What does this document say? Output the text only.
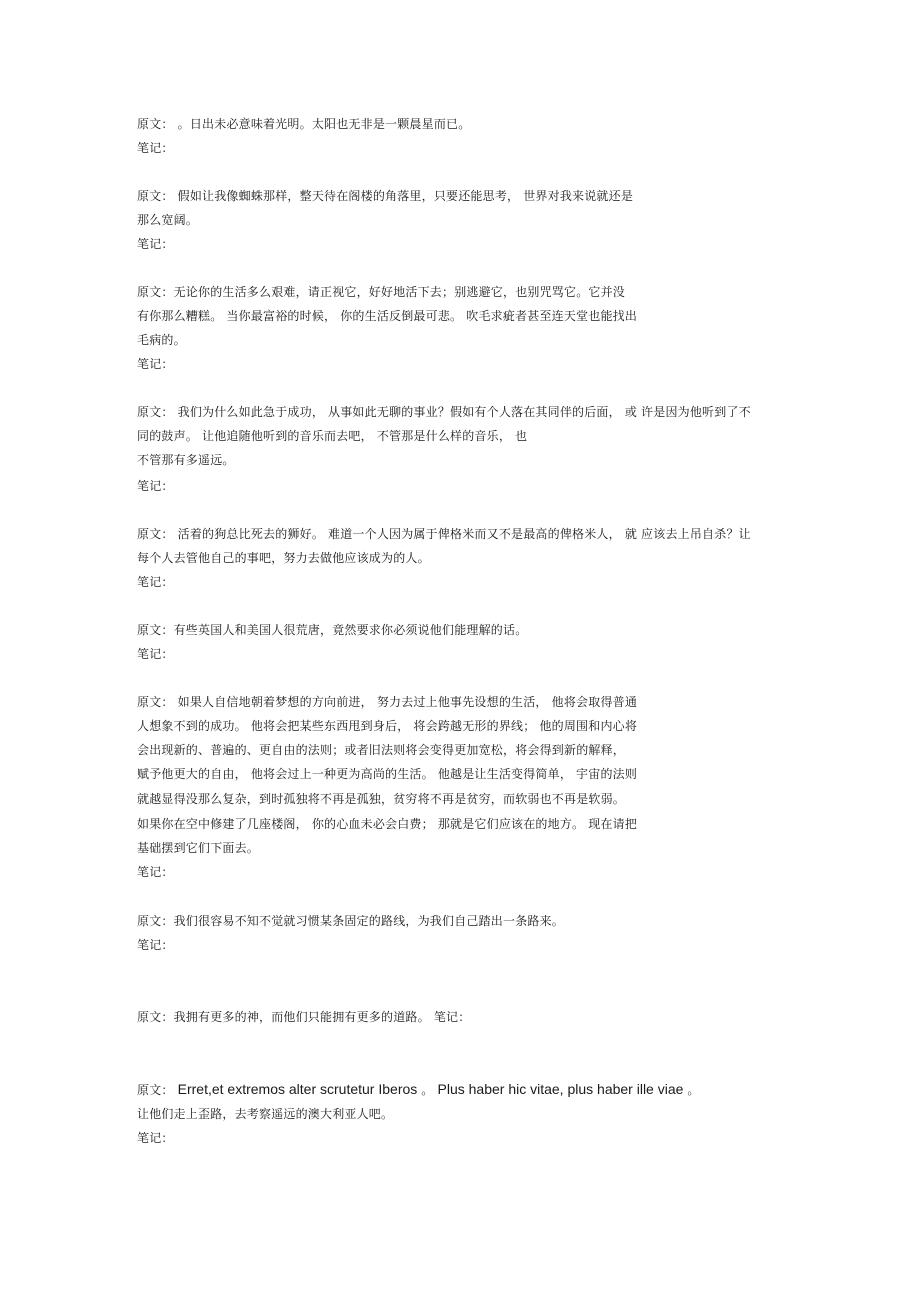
原文： 。日出未必意味着光明。太阳也无非是一颗晨星而已。
笔记：
原文： 假如让我像蜘蛛那样，整天待在阁楼的角落里，只要还能思考， 世界对我来说就还是
那么宽阔。
笔记：
原文：无论你的生活多么艰难，请正视它，好好地活下去；别逃避它，也别咒骂它。它并没
有你那么糟糕。 当你最富裕的时候， 你的生活反倒最可悲。 吹毛求疵者甚至连天堂也能找出
毛病的。
笔记：
原文： 我们为什么如此急于成功， 从事如此无聊的事业？假如有个人落在其同伴的后面， 或 许是因为他听到了不
同的鼓声。 让他追随他听到的音乐而去吧， 不管那是什么样的音乐， 也
不管那有多遥远。
笔记：
原文： 活着的狗总比死去的狮好。 难道一个人因为属于俾格米而又不是最高的俾格米人， 就 应该去上吊自杀？让
每个人去管他自己的事吧，努力去做他应该成为的人。
笔记：
原文：有些英国人和美国人很荒唐，竟然要求你必须说他们能理解的话。
笔记：
原文： 如果人自信地朝着梦想的方向前进， 努力去过上他事先设想的生活， 他将会取得普通
人想象不到的成功。 他将会把某些东西甩到身后， 将会跨越无形的界线； 他的周围和内心将
会出现新的、普遍的、更自由的法则；或者旧法则将会变得更加宽松，将会得到新的解释，
赋予他更大的自由， 他将会过上一种更为高尚的生活。 他越是让生活变得简单， 宇宙的法则
就越显得没那么复杂，到时孤独将不再是孤独，贫穷将不再是贫穷，而软弱也不再是软弱。
如果你在空中修建了几座楼阁， 你的心血未必会白费； 那就是它们应该在的地方。 现在请把
基础摆到它们下面去。
笔记：
原文：我们很容易不知不觉就习惯某条固定的路线，为我们自己踏出一条路来。
笔记：
原文：我拥有更多的神，而他们只能拥有更多的道路。 笔记：
原文： Erret,et extremos alter scrutetur Iberos 。 Plus haber hic vitae, plus haber ille viae 。
让他们走上歪路，去考察遥远的澳大利亚人吧。
笔记：
